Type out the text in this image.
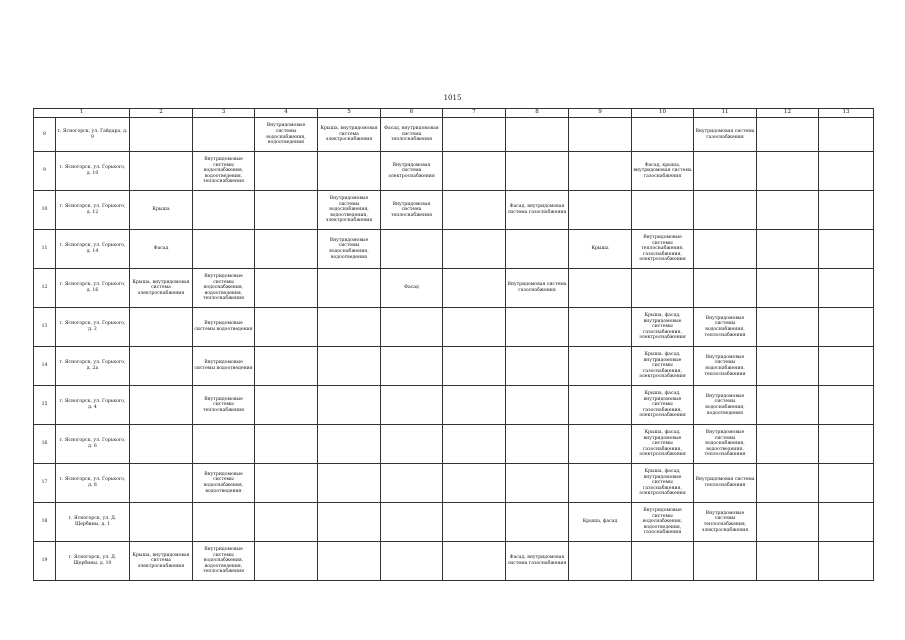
1015
1		2	3	4	5	6	7	8	9	10	11	12	13
8	г. Ясногорск, ул. Гайдара, д. 9			Внутридомовые системы водоснабжения, водоотведения	Крыша, внутридомовая система электроснабжения	Фасад, внутридомовая система теплоснабжения					Внутридомовая система газоснабжения		
9	г. Ясногорск, ул. Горького, д. 10		Внутридомовые системы водоснабжения, водоотведения, теплоснабжения			Внутридомовая система электроснабжения				Фасад, крыша, внутридомовая система газоснабжения			
10	г. Ясногорск, ул. Горького, д. 12	Крыша			Внутридомовые системы водоснабжения, водоотведения, электроснабжения	Внутридомовая система теплоснабжения		Фасад, внутридомовая система газоснабжения					
11	г. Ясногорск, ул. Горького, д. 14	Фасад			Внутридомовые системы водоснабжения, водоотведения				Крыша	Внутридомовые системы теплоснабжения, газоснабжения, электроснабжения			
12	г. Ясногорск, ул. Горького, д. 16	Крыша, внутридомовая система электроснабжения	Внутридомовые системы водоснабжения, водоотведения, теплоснабжения			Фасад		Внутридомовая система газоснабжения					
13	г. Ясногорск, ул. Горького, д. 2		Внутридомовые системы водоотведения							Крыша, фасад, внутридомовые системы газоснабжения, электроснабжения	Внутридомовые системы водоснабжения, теплоснабжения		
14	г. Ясногорск, ул. Горького, д. 2а		Внутридомовые системы водоотведения							Крыша, фасад, внутридомовые системы газоснабжения, электроснабжения	Внутридомовые системы водоснабжения, теплоснабжения		
15	г. Ясногорск, ул. Горького, д. 4		Внутридомовые системы теплоснабжения							Крыша, фасад, внутридомовые системы газоснабжения, электроснабжения	Внутридомовые системы водоснабжения, водоотведения		
16	г. Ясногорск, ул. Горького, д. 6									Крыша, фасад, внутридомовые системы газоснабжения, электроснабжения	Внутридомовые системы водоснабжения, водоотведения, теплоснабжения		
17	г. Ясногорск, ул. Горького, д. 8		Внутридомовые системы водоснабжения, водоотведения							Крыша, фасад, внутридомовые системы газоснабжения, электроснабжения	Внутридомовая система теплоснабжения		
18	г. Ясногорск, ул. Д. Щербины, д. 1								Крыша, фасад	Внутридомовые системы водоснабжения, водоотведения, газоснабжения	Внутридомовые системы теплоснабжения, электроснабжения		
19	г. Ясногорск, ул. Д. Щербины, д. 10	Крыша, внутридомовая система электроснабжения	Внутридомовые системы водоснабжения, водоотведения, теплоснабжения					Фасад, внутридомовая система газоснабжения					
